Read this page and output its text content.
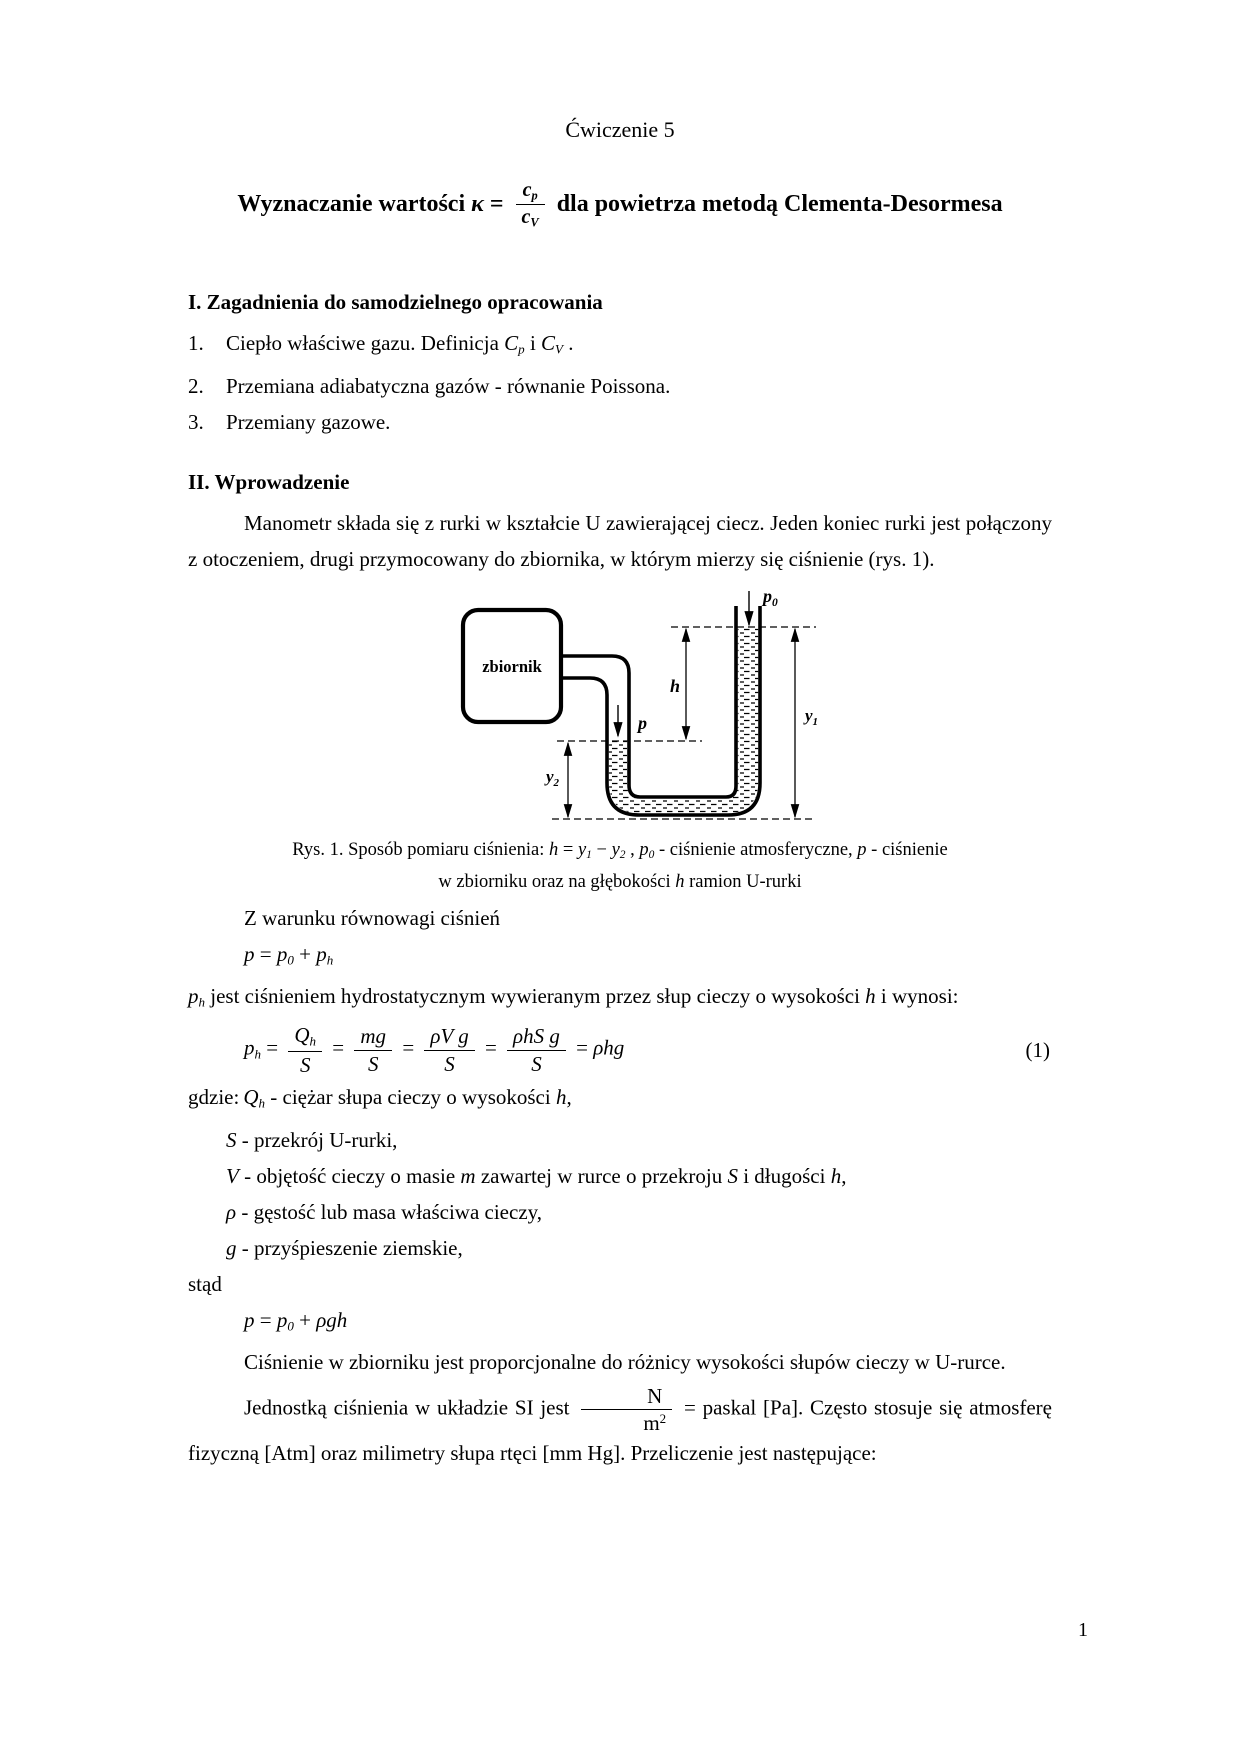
Ćwiczenie 5
Wyznaczanie wartości $\kappa = \frac{cp}{cV}$ dla powietrza metodą Clementa-Desormesa
I. Zagadnienia do samodzielnego opracowania
1.	Ciepło właściwe gazu. Definicja Cp i CV .
2.	Przemiana adiabatyczna gazów - równanie Poissona.
3.	Przemiany gazowe.
II. Wprowadzenie
Manometr składa się z rurki w kształcie U zawierającej ciecz. Jeden koniec rurki jest połączony z otoczeniem, drugi przymocowany do zbiornika, w którym mierzy się ciśnienie (rys. 1).
zbiornik
$p_0$
p
h
$y_1$
$y_2$
Rys. 1. Sposób pomiaru ciśnienia: h = y1 − y2 , p0 - ciśnienie atmosferyczne, p - ciśnienie
w zbiorniku oraz na głębokości h ramion U-rurki
Z warunku równowagi ciśnień
p = p0 + ph
ph jest ciśnieniem hydrostatycznym wywieranym przez słup cieczy o wysokości h i wynosi:
ph = $\frac{Qh}{S} = \frac{mg}{S} = \frac{\text{ρV g}}{S} = \frac{\text{ρhS g}}{S} = \rho hg$	(1)
gdzie: Qh - ciężar słupa cieczy o wysokości h,
S - przekrój U-rurki,
V - objętość cieczy o masie m zawartej w rurce o przekroju S i długości h,
ρ - gęstość lub masa właściwa cieczy,
g - przyśpieszenie ziemskie,
stąd
p = p0 + ρgh
Ciśnienie w zbiorniku jest proporcjonalne do różnicy wysokości słupów cieczy w U-rurce.
Jednostką ciśnienia w układzie SI jest $\frac{N}{m^2}$ = paskal [Pa]. Często stosuje się atmosferę fizyczną [Atm] oraz milimetry słupa rtęci [mm Hg]. Przeliczenie jest następujące:
1
